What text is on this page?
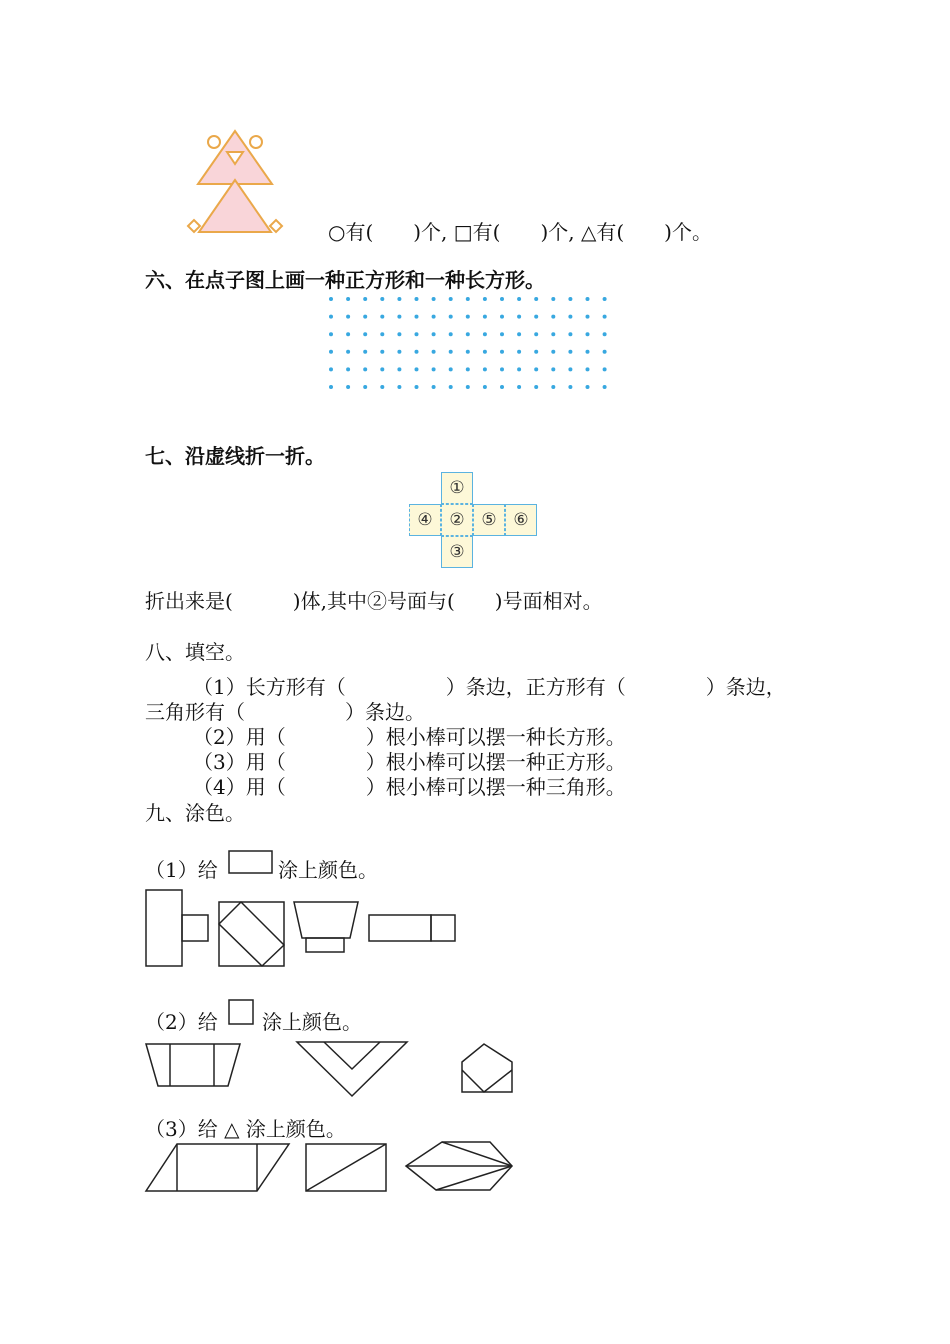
○有(　　)个, □有(　　)个, △有(　　)个。
六、在点子图上画一种正方形和一种长方形。
七、沿虚线折一折。
①
④ ② ⑤ ⑥
③
折出来是(　　　)体,其中②号面与(　　)号面相对。
八、填空。
（1）长方形有（　　　　　）条边，正方形有（　　　　）条边，
三角形有（　　　　　）条边。
（2）用（　　　　）根小棒可以摆一种长方形。
（3）用（　　　　）根小棒可以摆一种正方形。
（4）用（　　　　）根小棒可以摆一种三角形。
九、涂色。
（1）给	涂上颜色。
（2）给 涂上颜色。
（3）给 △ 涂上颜色。
